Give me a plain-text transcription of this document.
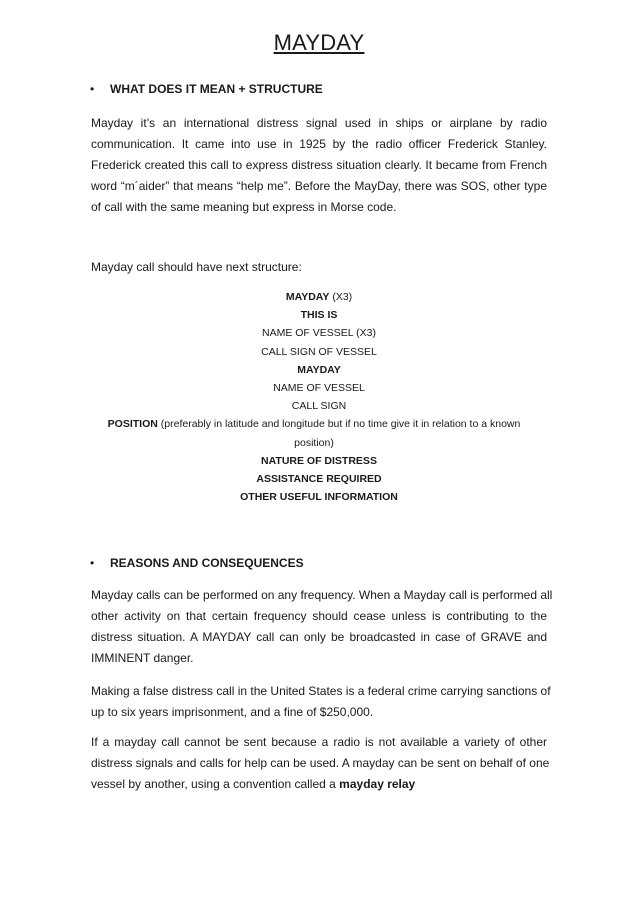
MAYDAY
• WHAT DOES IT MEAN + STRUCTURE

Mayday it’s an international distress signal used in ships or airplane by radio
communication. It came into use in 1925 by the radio officer Frederick Stanley.
Frederick created this call to express distress situation clearly. It became from French
word “m´aider” that means “help me”. Before the MayDay, there was SOS, other type
of call with the same meaning but express in Morse code.

Mayday call should have next structure:

MAYDAY (X3)
THIS IS
NAME OF VESSEL (X3)
CALL SIGN OF VESSEL
MAYDAY
NAME OF VESSEL
CALL SIGN
POSITION (preferably in latitude and longitude but if no time give it in relation to a known position)
NATURE OF DISTRESS
ASSISTANCE REQUIRED
OTHER USEFUL INFORMATION
• REASONS AND CONSEQUENCES

Mayday calls can be performed on any frequency. When a Mayday call is performed all
other activity on that certain frequency should cease unless is contributing to the
distress situation. A MAYDAY call can only be broadcasted in case of GRAVE and
IMMINENT danger.

Making a false distress call in the United States is a federal crime carrying sanctions of
up to six years imprisonment, and a fine of $250,000.

If a mayday call cannot be sent because a radio is not available a variety of other
distress signals and calls for help can be used. A mayday can be sent on behalf of one
vessel by another, using a convention called a mayday relay
